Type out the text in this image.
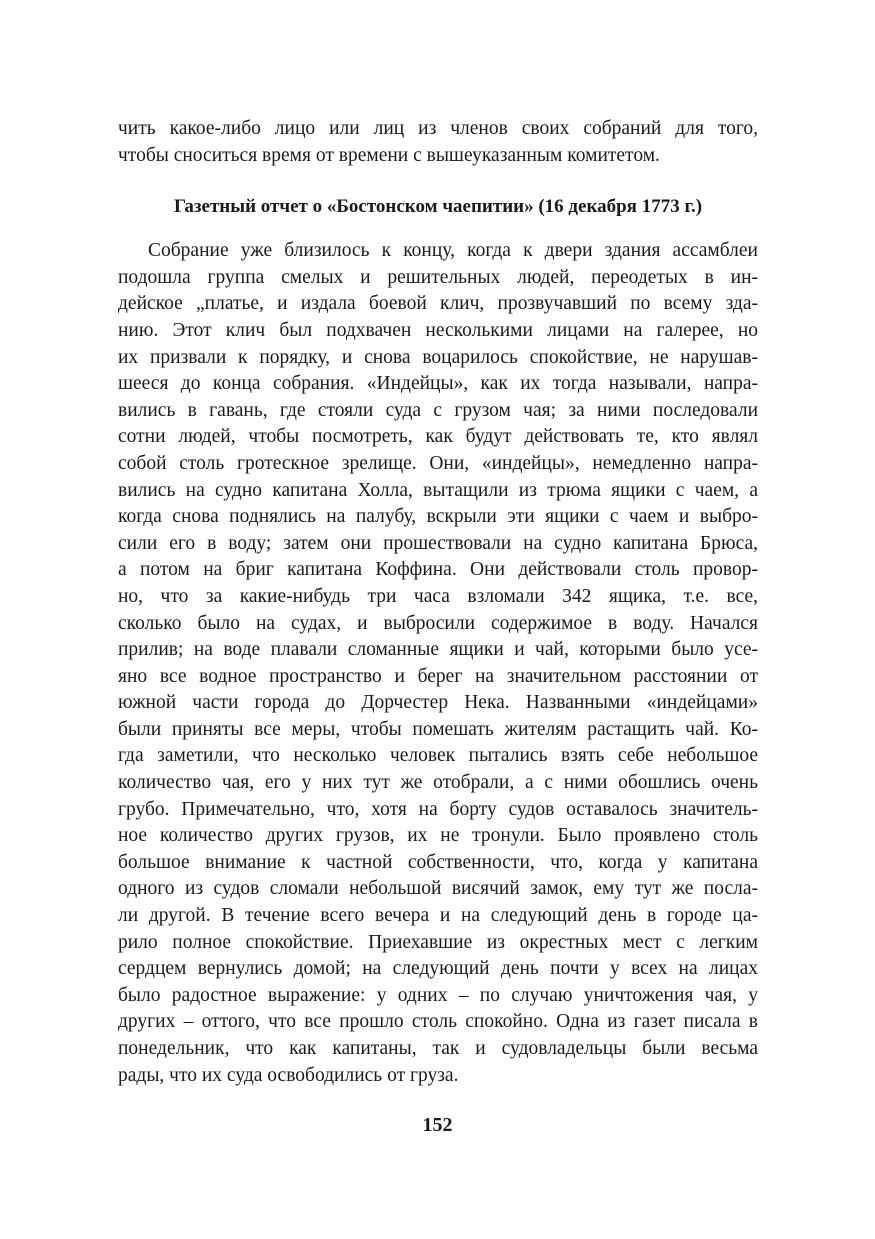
чить какое-либо лицо или лиц из членов своих собраний для того,
чтобы сноситься время от времени с вышеуказанным комитетом.
Газетный отчет о «Бостонском чаепитии» (16 декабря 1773 г.)
Собрание уже близилось к концу, когда к двери здания ассамблеи
подошла группа смелых и решительных людей, переодетых в ин-
дейское „платье, и издала боевой клич, прозвучавший по всему зда-
нию. Этот клич был подхвачен несколькими лицами на галерее, но
их призвали к порядку, и снова воцарилось спокойствие, не нарушав-
шееся до конца собрания. «Индейцы», как их тогда называли, напра-
вились в гавань, где стояли суда с грузом чая; за ними последовали
сотни людей, чтобы посмотреть, как будут действовать те, кто являл
собой столь гротескное зрелище. Они, «индейцы», немедленно напра-
вились на судно капитана Холла, вытащили из трюма ящики с чаем, а
когда снова поднялись на палубу, вскрыли эти ящики с чаем и выбро-
сили его в воду; затем они прошествовали на судно капитана Брюса,
а потом на бриг капитана Коффина. Они действовали столь провор-
но, что за какие-нибудь три часа взломали 342 ящика, т.е. все,
сколько было на судах, и выбросили содержимое в воду. Начался
прилив; на воде плавали сломанные ящики и чай, которыми было усе-
яно все водное пространство и берег на значительном расстоянии от
южной части города до Дорчестер Нека. Названными «индейцами»
были приняты все меры, чтобы помешать жителям растащить чай. Ко-
гда заметили, что несколько человек пытались взять себе небольшое
количество чая, его у них тут же отобрали, а с ними обошлись очень
грубо. Примечательно, что, хотя на борту судов оставалось значитель-
ное количество других грузов, их не тронули. Было проявлено столь
большое внимание к частной собственности, что, когда у капитана
одного из судов сломали небольшой висячий замок, ему тут же посла-
ли другой. В течение всего вечера и на следующий день в городе ца-
рило полное спокойствие. Приехавшие из окрестных мест с легким
сердцем вернулись домой; на следующий день почти у всех на лицах
было радостное выражение: у одних – по случаю уничтожения чая, у
других – оттого, что все прошло столь спокойно. Одна из газет писала в
понедельник, что как капитаны, так и судовладельцы были весьма
рады, что их суда освободились от груза.
152
